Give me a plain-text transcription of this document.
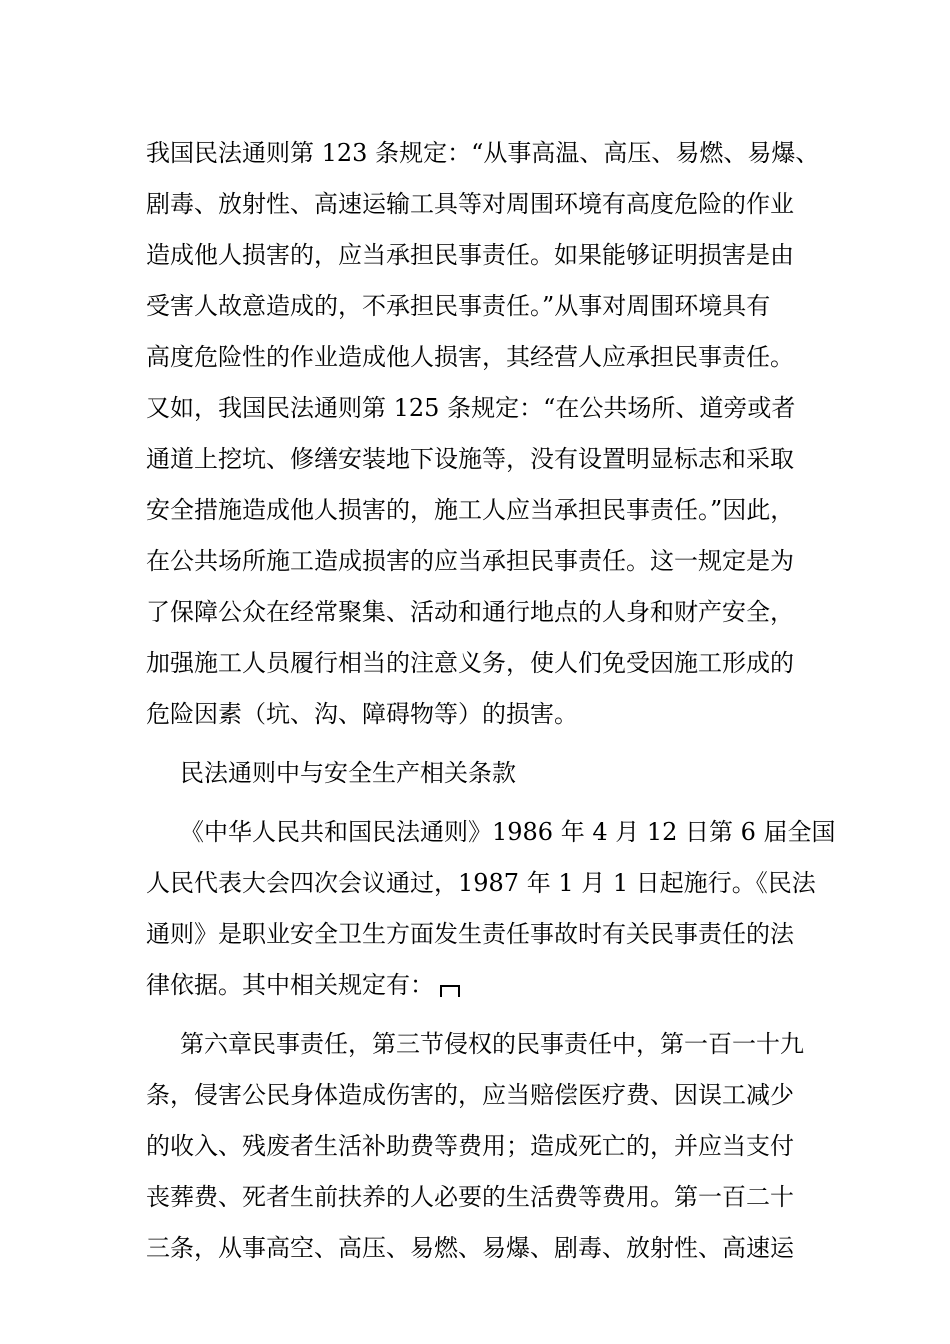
我国民法通则第 123 条规定：“从事高温、高压、易燃、易爆、
剧毒、放射性、高速运输工具等对周围环境有高度危险的作业
造成他人损害的，应当承担民事责任。如果能够证明损害是由
受害人故意造成的，不承担民事责任。”从事对周围环境具有
高度危险性的作业造成他人损害，其经营人应承担民事责任。
又如，我国民法通则第 125 条规定：“在公共场所、道旁或者
通道上挖坑、修缮安装地下设施等，没有设置明显标志和采取
安全措施造成他人损害的，施工人应当承担民事责任。”因此，
在公共场所施工造成损害的应当承担民事责任。这一规定是为
了保障公众在经常聚集、活动和通行地点的人身和财产安全，
加强施工人员履行相当的注意义务，使人们免受因施工形成的
危险因素（坑、沟、障碍物等）的损害。
民法通则中与安全生产相关条款
《中华人民共和国民法通则》1986 年 4 月 12 日第 6 届全国
人民代表大会四次会议通过，1987 年 1 月 1 日起施行。《民法
通则》是职业安全卫生方面发生责任事故时有关民事责任的法
律依据。其中相关规定有：
第六章民事责任，第三节侵权的民事责任中，第一百一十九
条，侵害公民身体造成伤害的，应当赔偿医疗费、因误工减少
的收入、残废者生活补助费等费用；造成死亡的，并应当支付
丧葬费、死者生前扶养的人必要的生活费等费用。第一百二十
三条，从事高空、高压、易燃、易爆、剧毒、放射性、高速运
